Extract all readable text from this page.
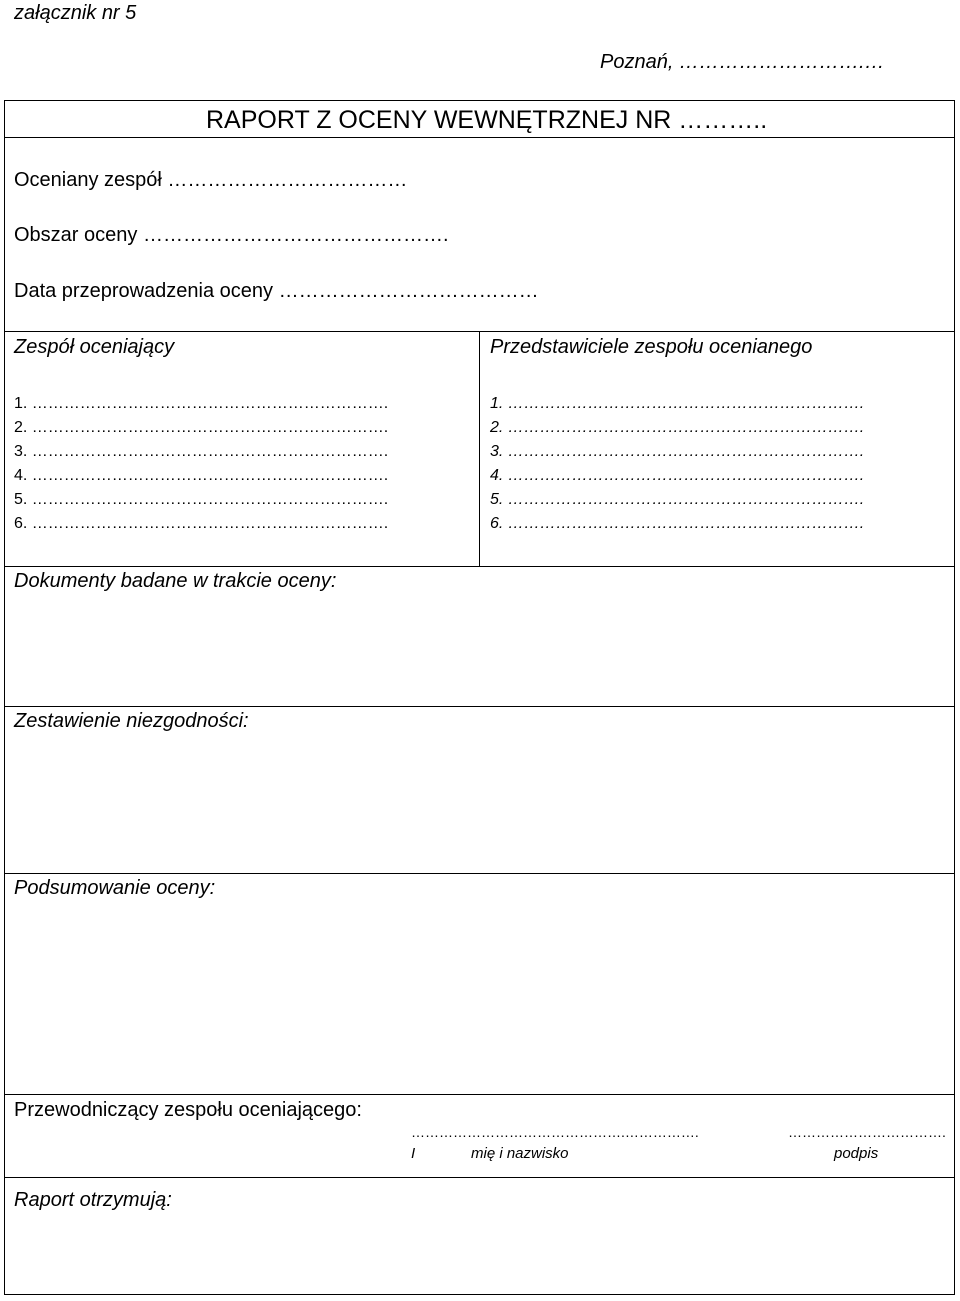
załącznik nr 5
Poznań, ……………………….…
RAPORT Z OCENY WEWNĘTRZNEJ NR ………..
Oceniany zespół ………………………………
Obszar oceny ……………………………………….
Data przeprowadzenia oceny …………………………………
Zespół oceniający
1. ………………………………………………………….
2. ………………………………………………………….
3. ………………………………………………………….
4. ………………………………………………………….
5. ………………………………………………………….
6. ………………………………………………………….
Przedstawiciele zespołu ocenianego
1. ………………………………………………………….
2. ………………………………………………………….
3. ………………………………………………………….
4. ………………………………………………………….
5. ………………………………………………………….
6. ………………………………………………………….
Dokumenty badane w trakcie oceny:
Zestawienie niezgodności:
Podsumowanie oceny:
Przewodniczący zespołu oceniającego:
……………………………………….…………….	…………………………….
I	mię i nazwisko	podpis
Raport otrzymują:
